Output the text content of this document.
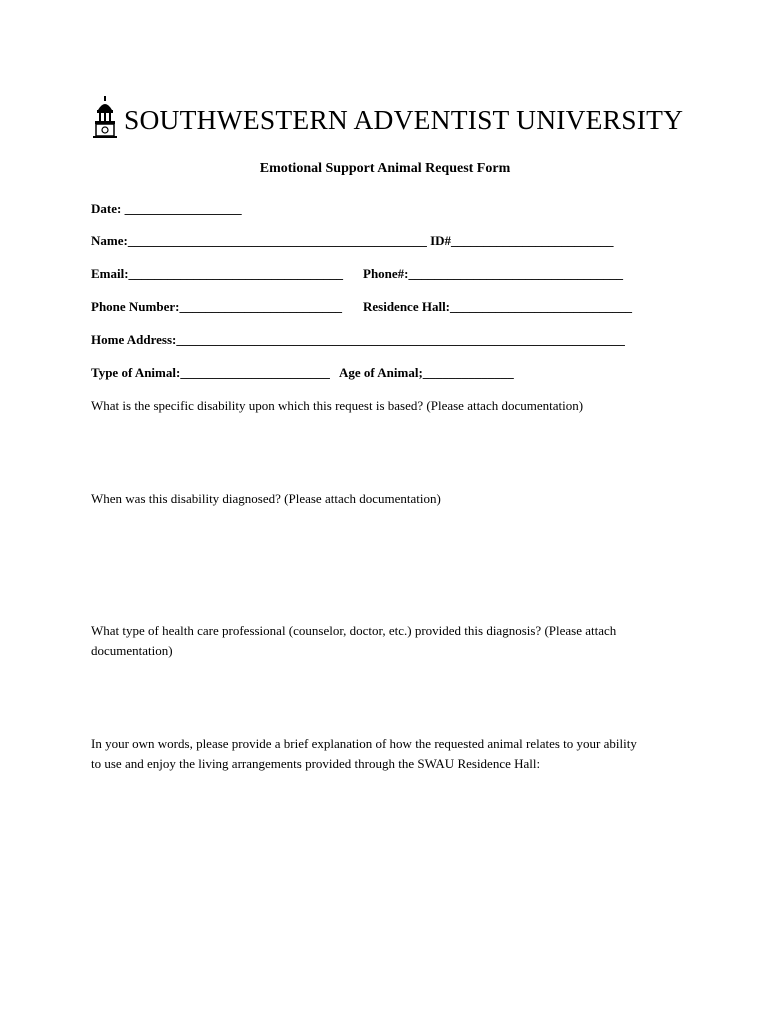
SOUTHWESTERN ADVENTIST UNIVERSITY
Emotional Support Animal Request Form
Date: __________________
Name:______________________________________________ ID#_________________________
Email:_________________________________ Phone#:_________________________________
Phone Number:_________________________ Residence Hall:____________________________
Home Address:_____________________________________________________________________
Type of Animal:_______________________ Age of Animal;______________
What is the specific disability upon which this request is based? (Please attach documentation)
When was this disability diagnosed? (Please attach documentation)
What type of health care professional (counselor, doctor, etc.) provided this diagnosis? (Please attach
documentation)
In your own words, please provide a brief explanation of how the requested animal relates to your ability
to use and enjoy the living arrangements provided through the SWAU Residence Hall:
